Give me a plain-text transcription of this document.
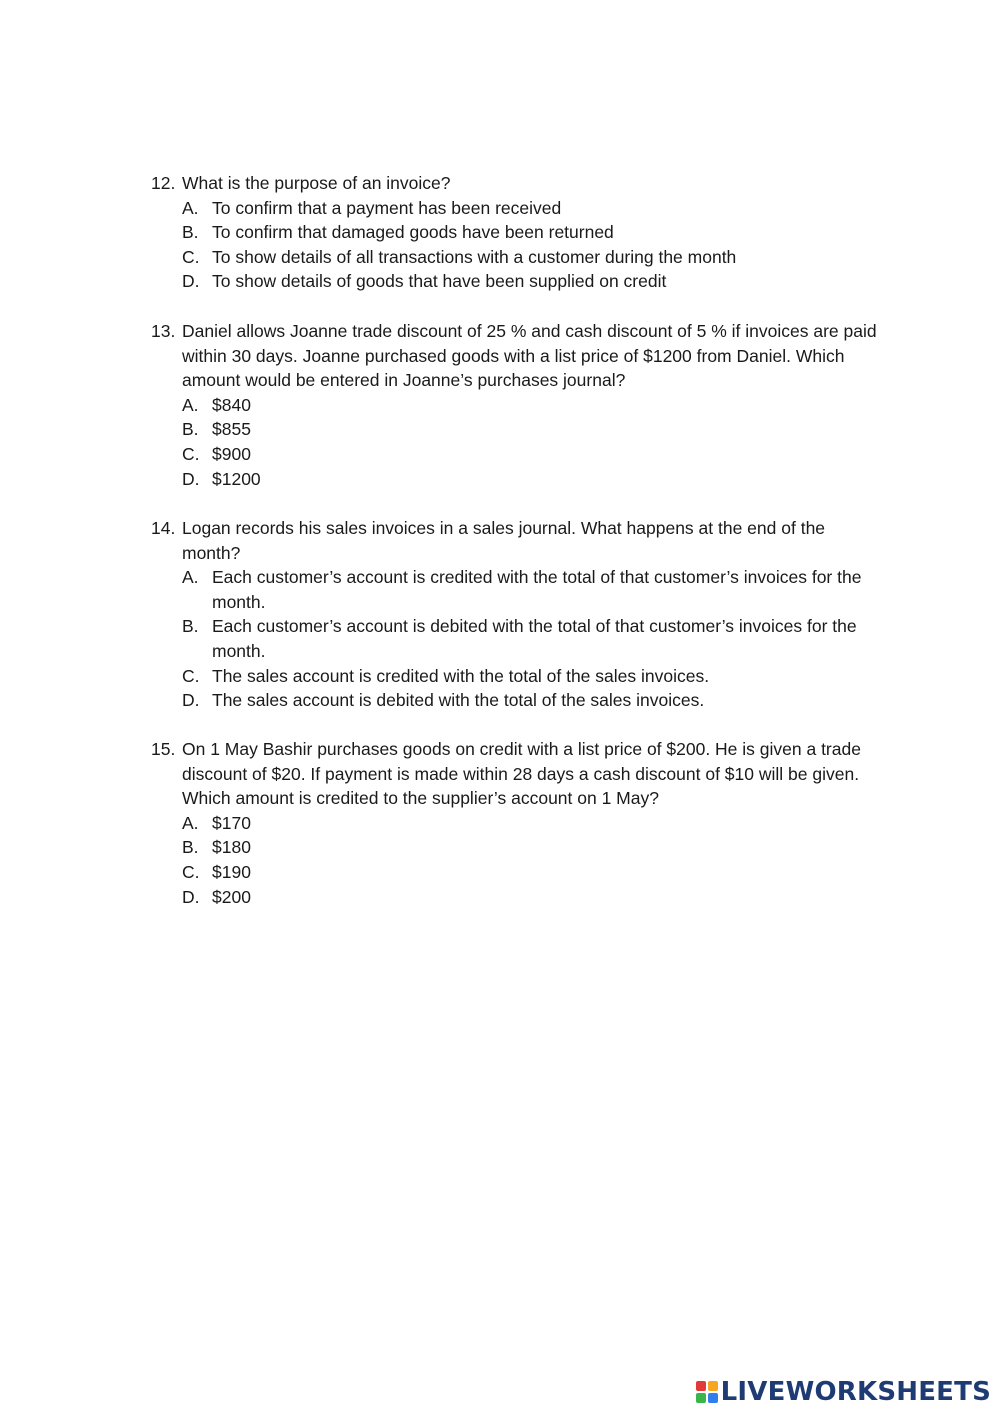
12. What is the purpose of an invoice?
A. To confirm that a payment has been received
B. To confirm that damaged goods have been returned
C. To show details of all transactions with a customer during the month
D. To show details of goods that have been supplied on credit
13. Daniel allows Joanne trade discount of 25 % and cash discount of 5 % if invoices are paid within 30 days. Joanne purchased goods with a list price of $1200 from Daniel. Which amount would be entered in Joanne’s purchases journal?
A. $840
B. $855
C. $900
D. $1200
14. Logan records his sales invoices in a sales journal. What happens at the end of the month?
A. Each customer’s account is credited with the total of that customer’s invoices for the month.
B. Each customer’s account is debited with the total of that customer’s invoices for the month.
C. The sales account is credited with the total of the sales invoices.
D. The sales account is debited with the total of the sales invoices.
15. On 1 May Bashir purchases goods on credit with a list price of $200. He is given a trade discount of $20. If payment is made within 28 days a cash discount of $10 will be given. Which amount is credited to the supplier’s account on 1 May?
A. $170
B. $180
C. $190
D. $200
LIVEWORKSHEETS
